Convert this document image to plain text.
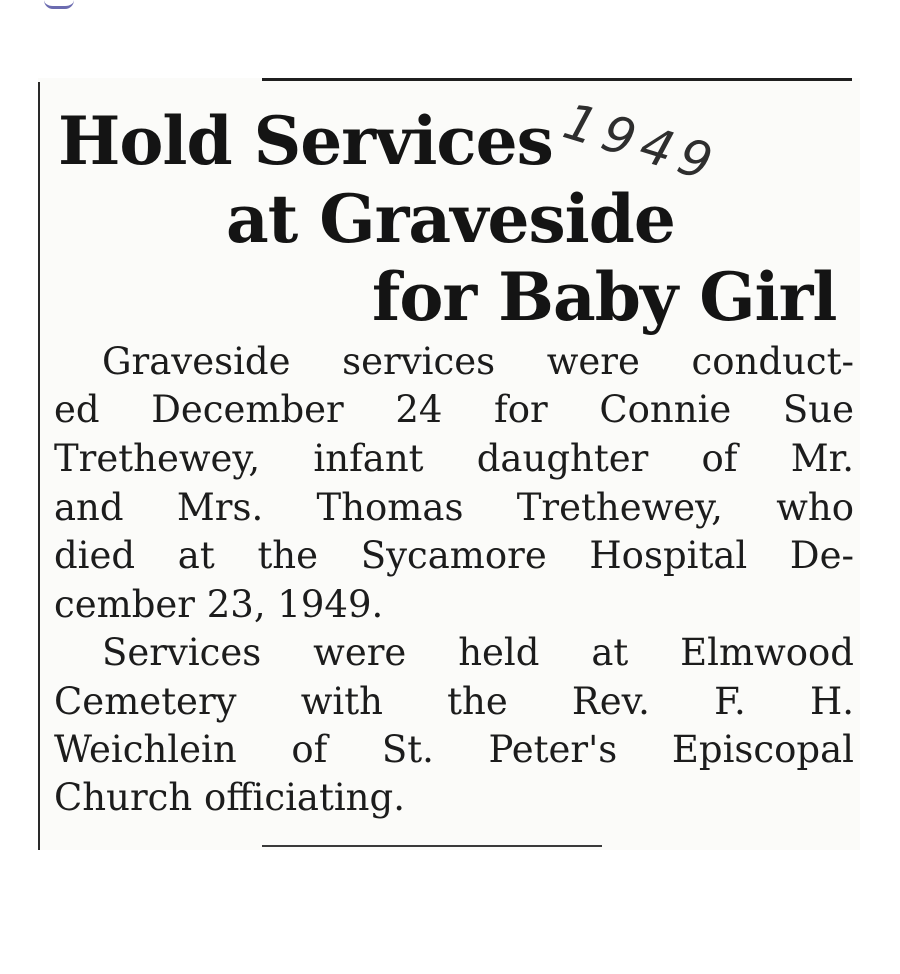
Hold Services
at Graveside
for Baby Girl
1949

Graveside services were conduct-

ed December 24 for Connie Sue

Trethewey, infant daughter of Mr.

and Mrs. Thomas Trethewey, who

died at the Sycamore Hospital De-

cember 23, 1949.

Services were held at Elmwood

Cemetery with the Rev. F. H.

Weichlein of St. Peter's Episcopal

Church officiating.
